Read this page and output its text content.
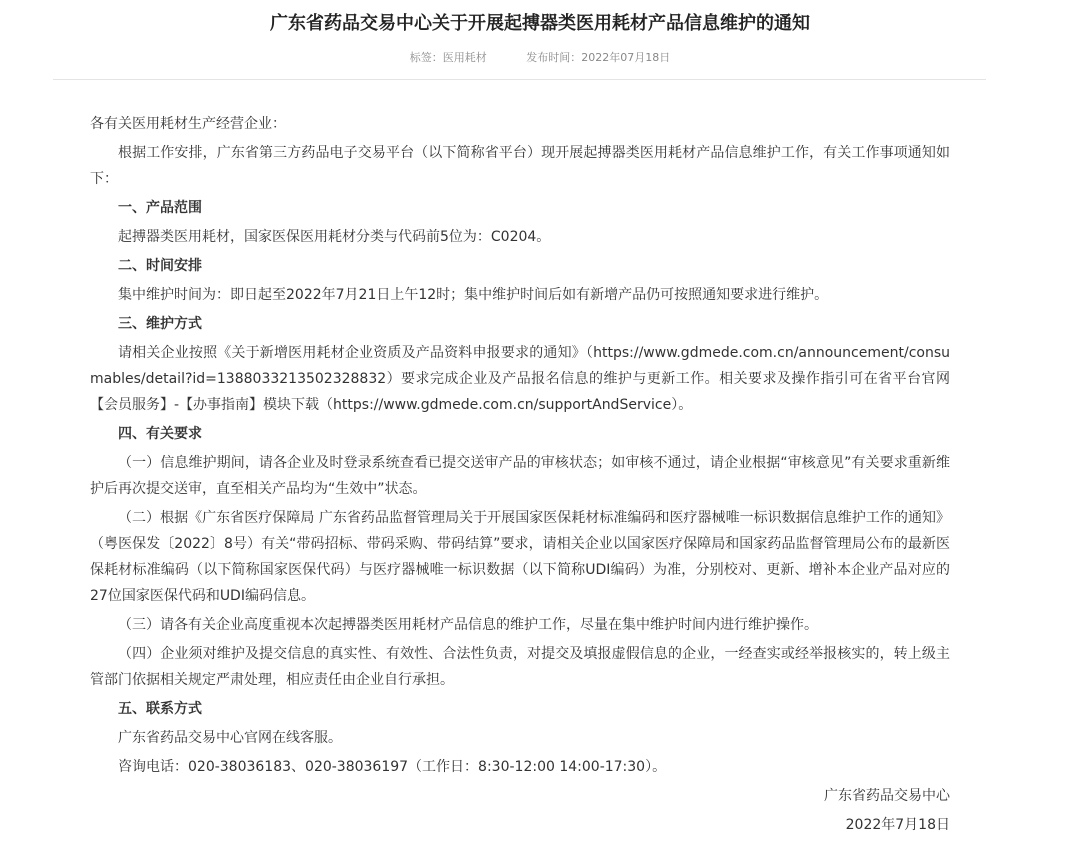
广东省药品交易中心关于开展起搏器类医用耗材产品信息维护的通知
标签：医用耗材	发布时间：2022年07月18日

各有关医用耗材生产经营企业：

根据工作安排，广东省第三方药品电子交易平台（以下简称省平台）现开展起搏器类医用耗材产品信息维护工作，有关工作事项通知如下：

一、产品范围

起搏器类医用耗材，国家医保医用耗材分类与代码前5位为：C0204。

二、时间安排

集中维护时间为：即日起至2022年7月21日上午12时；集中维护时间后如有新增产品仍可按照通知要求进行维护。

三、维护方式

请相关企业按照《关于新增医用耗材企业资质及产品资料申报要求的通知》（https://www.gdmede.com.cn/announcement/consumables/detail?id=1388033213502328832）要求完成企业及产品报名信息的维护与更新工作。相关要求及操作指引可在省平台官网【会员服务】-【办事指南】模块下载（https://www.gdmede.com.cn/supportAndService）。

四、有关要求

（一）信息维护期间，请各企业及时登录系统查看已提交送审产品的审核状态；如审核不通过，请企业根据“审核意见”有关要求重新维护后再次提交送审，直至相关产品均为“生效中”状态。

（二）根据《广东省医疗保障局 广东省药品监督管理局关于开展国家医保耗材标准编码和医疗器械唯一标识数据信息维护工作的通知》（粤医保发〔2022〕8号）有关“带码招标、带码采购、带码结算”要求，请相关企业以国家医疗保障局和国家药品监督管理局公布的最新医保耗材标准编码（以下简称国家医保代码）与医疗器械唯一标识数据（以下简称UDI编码）为准，分别校对、更新、增补本企业产品对应的27位国家医保代码和UDI编码信息。

（三）请各有关企业高度重视本次起搏器类医用耗材产品信息的维护工作，尽量在集中维护时间内进行维护操作。

（四）企业须对维护及提交信息的真实性、有效性、合法性负责，对提交及填报虚假信息的企业，一经查实或经举报核实的，转上级主管部门依据相关规定严肃处理，相应责任由企业自行承担。

五、联系方式

广东省药品交易中心官网在线客服。

咨询电话：020-38036183、020-38036197（工作日：8:30-12:00 14:00-17:30）。

广东省药品交易中心

2022年7月18日
